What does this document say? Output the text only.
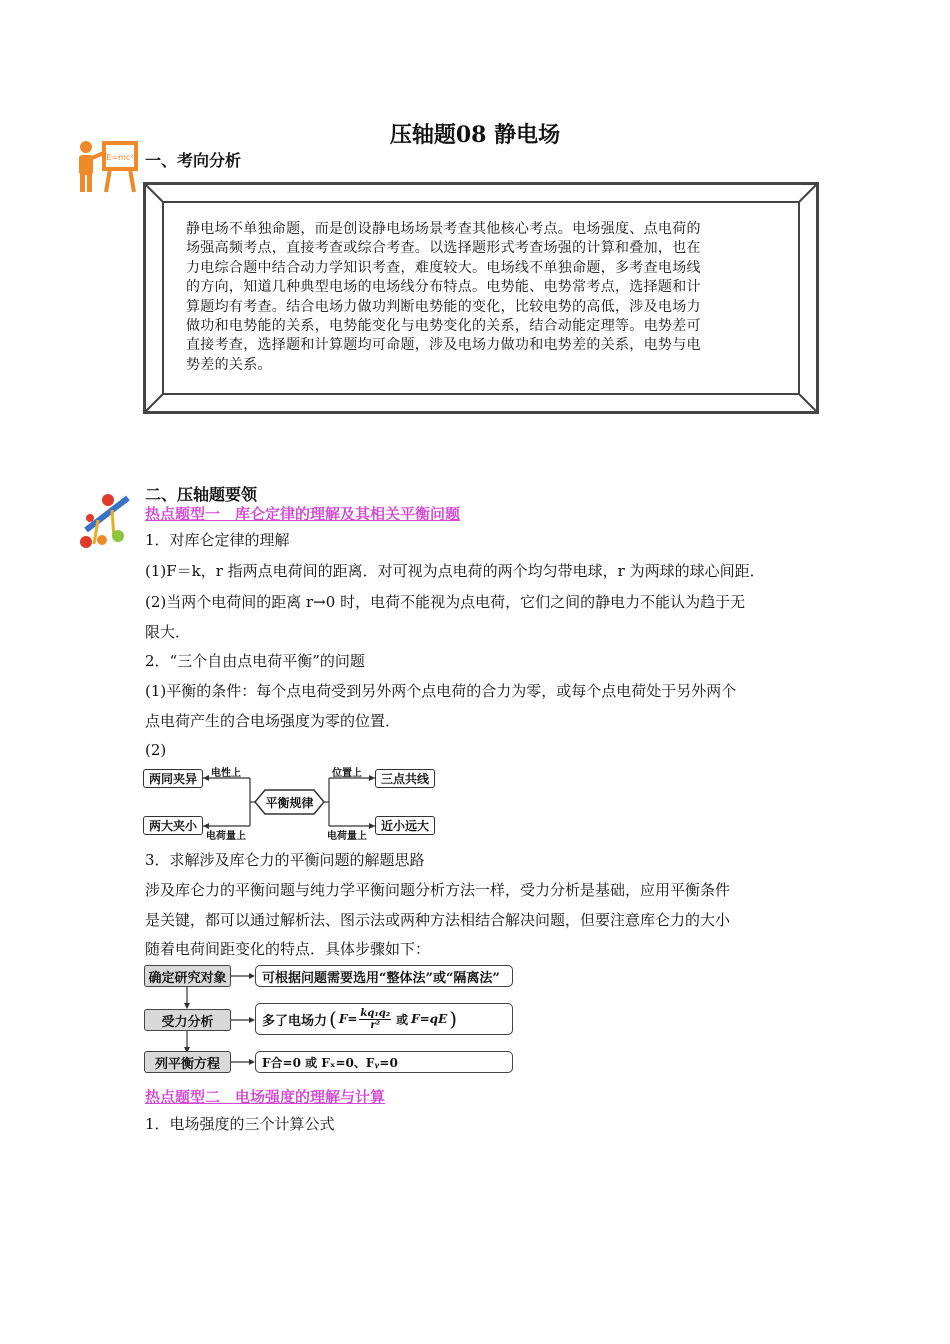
压轴题08 静电场
E=mc² 一、考向分析
静电场不单独命题，而是创设静电场场景考查其他核心考点。电场强度、点电荷的
场强高频考点，直接考查或综合考查。以选择题形式考查场强的计算和叠加，也在
力电综合题中结合动力学知识考查，难度较大。电场线不单独命题，多考查电场线
的方向，知道几种典型电场的电场线分布特点。电势能、电势常考点，选择题和计
算题均有考查。结合电场力做功判断电势能的变化，比较电势的高低，涉及电场力
做功和电势能的关系，电势能变化与电势变化的关系，结合动能定理等。电势差可
直接考查，选择题和计算题均可命题，涉及电场力做功和电势差的关系，电势与电
势差的关系。
二、压轴题要领
热点题型一　库仑定律的理解及其相关平衡问题
1．对库仑定律的理解
(1)F＝k，r 指两点电荷间的距离．对可视为点电荷的两个均匀带电球，r 为两球的球心间距．
(2)当两个电荷间的距离 r→0 时，电荷不能视为点电荷，它们之间的静电力不能认为趋于无
限大．
2．“三个自由点电荷平衡”的问题
(1)平衡的条件：每个点电荷受到另外两个点电荷的合力为零，或每个点电荷处于另外两个
点电荷产生的合电场强度为零的位置．
(2)
两同夹异
两大夹小
三点共线
近小远大
平衡规律
电性上
电荷量上
位置上
电荷量上
3．求解涉及库仑力的平衡问题的解题思路
涉及库仑力的平衡问题与纯力学平衡问题分析方法一样，受力分析是基础，应用平衡条件
是关键，都可以通过解析法、图示法或两种方法相结合解决问题，但要注意库仑力的大小
随着电荷间距变化的特点．具体步骤如下：
确定研究对象	可根据问题需要选用“整体法”或“隔离法”
受力分析	多了电场力 ( $F= \frac{\text{kq₁q₂}}{\text{r²}}$ 或 F=qE )
列平衡方程	F合=0 或 Fₓ=0、Fᵧ=0
热点题型二　电场强度的理解与计算
1．电场强度的三个计算公式
